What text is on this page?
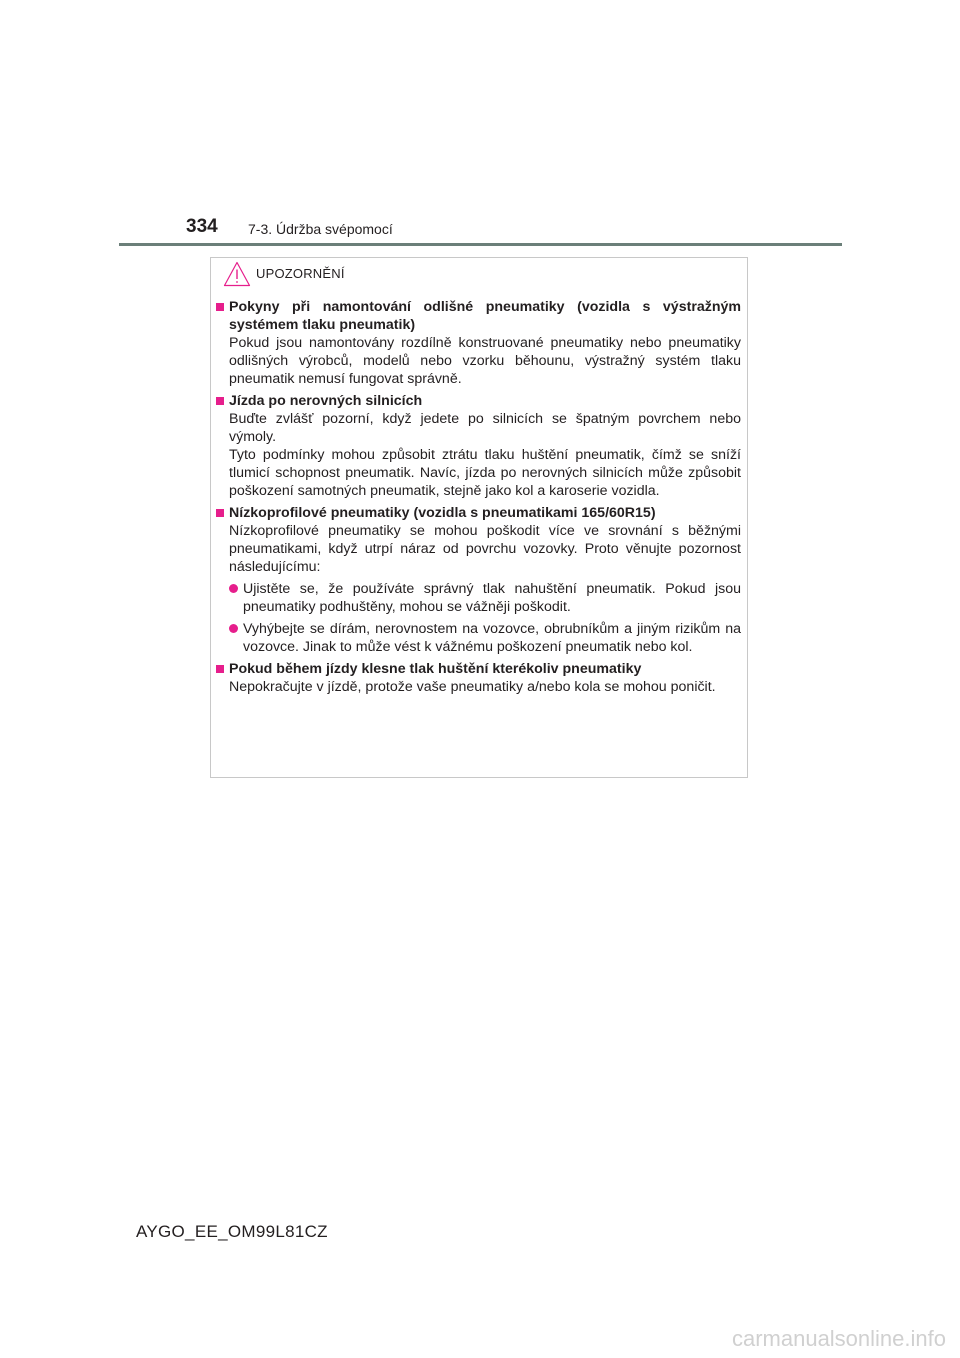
334 7-3. Údržba svépomocí
UPOZORNĚNÍ
Pokyny při namontování odlišné pneumatiky (vozidla s výstražným systémem tlaku pneumatik)
Pokud jsou namontovány rozdílně konstruované pneumatiky nebo pneumatiky odlišných výrobců, modelů nebo vzorku běhounu, výstražný systém tlaku pneumatik nemusí fungovat správně.
Jízda po nerovných silnicích
Buďte zvlášť pozorní, když jedete po silnicích se špatným povrchem nebo výmoly.
Tyto podmínky mohou způsobit ztrátu tlaku huštění pneumatik, čímž se sníží tlumicí schopnost pneumatik. Navíc, jízda po nerovných silnicích může způsobit poškození samotných pneumatik, stejně jako kol a karoserie vozidla.
Nízkoprofilové pneumatiky (vozidla s pneumatikami 165/60R15)
Nízkoprofilové pneumatiky se mohou poškodit více ve srovnání s běžnými pneumatikami, když utrpí náraz od povrchu vozovky. Proto věnujte pozornost následujícímu:
Ujistěte se, že používáte správný tlak nahuštění pneumatik. Pokud jsou pneumatiky podhuštěny, mohou se vážněji poškodit.
Vyhýbejte se dírám, nerovnostem na vozovce, obrubníkům a jiným rizikům na vozovce. Jinak to může vést k vážnému poškození pneumatik nebo kol.
Pokud během jízdy klesne tlak huštění kterékoliv pneumatiky
Nepokračujte v jízdě, protože vaše pneumatiky a/nebo kola se mohou poničit.
AYGO_EE_OM99L81CZ
carmanualsonline.info
